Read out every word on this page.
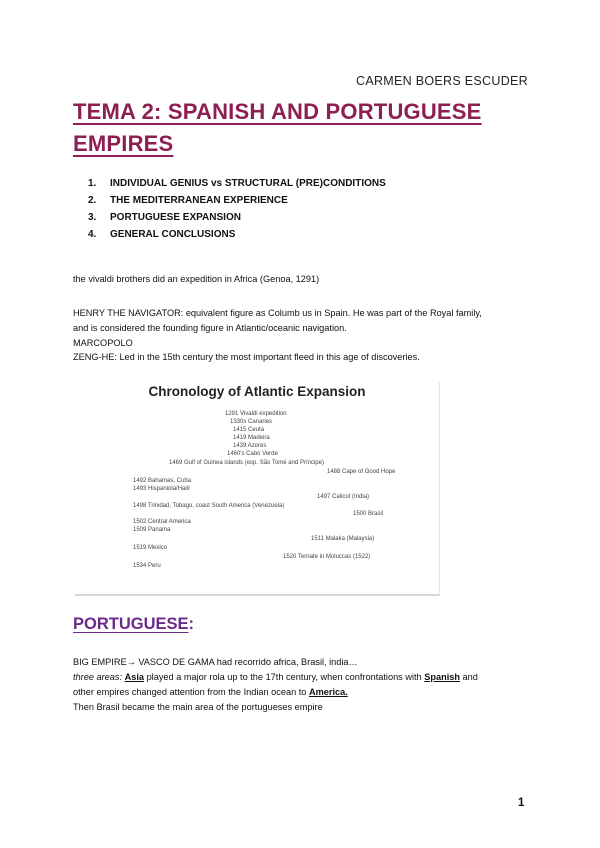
CARMEN BOERS ESCUDER
TEMA 2: SPANISH AND PORTUGUESE EMPIRES
1. INDIVIDUAL GENIUS vs STRUCTURAL (PRE)CONDITIONS
2. THE MEDITERRANEAN EXPERIENCE
3. PORTUGUESE EXPANSION
4. GENERAL CONCLUSIONS
the vivaldi brothers did an expedition in Africa (Genoa, 1291)
HENRY THE NAVIGATOR: equivalent figure as Columb us in Spain. He was part of the Royal family,
and is considered the founding figure in Atlantic/oceanic navigation.
MARCOPOLO
ZENG-HE: Led in the 15th century the most important fleed in this age of discoveries.
Chronology of Atlantic Expansion
1291 Vivaldi expedition
1330s Canaries
1415 Ceuta
1419 Madeira
1439 Azores
1460's Cabo Verde
1469 Gulf of Guinea islands (esp. São Tomé and Príncipe)
1488 Cape of Good Hope
1492 Bahamas, Cuba
1493 Hispaniola/Haiti
1497 Calicut (India)
1498 Trinidad, Tobago, coast South America (Venezuela)
1500 Brasil
1502 Central America
1509 Panama
1511 Malaka (Malaysia)
1519 Mexico
1520 Ternate in Moluccas (1522)
1534 Peru
PORTUGUESE:
BIG EMPIRE→ VASCO DE GAMA had recorrido africa, Brasil, india…
three areas: Asia played a major rola up to the 17th century, when confrontations with Spanish and
other empires changed attention from the Indian ocean to America.
Then Brasil became the main area of the portugueses empire
1
